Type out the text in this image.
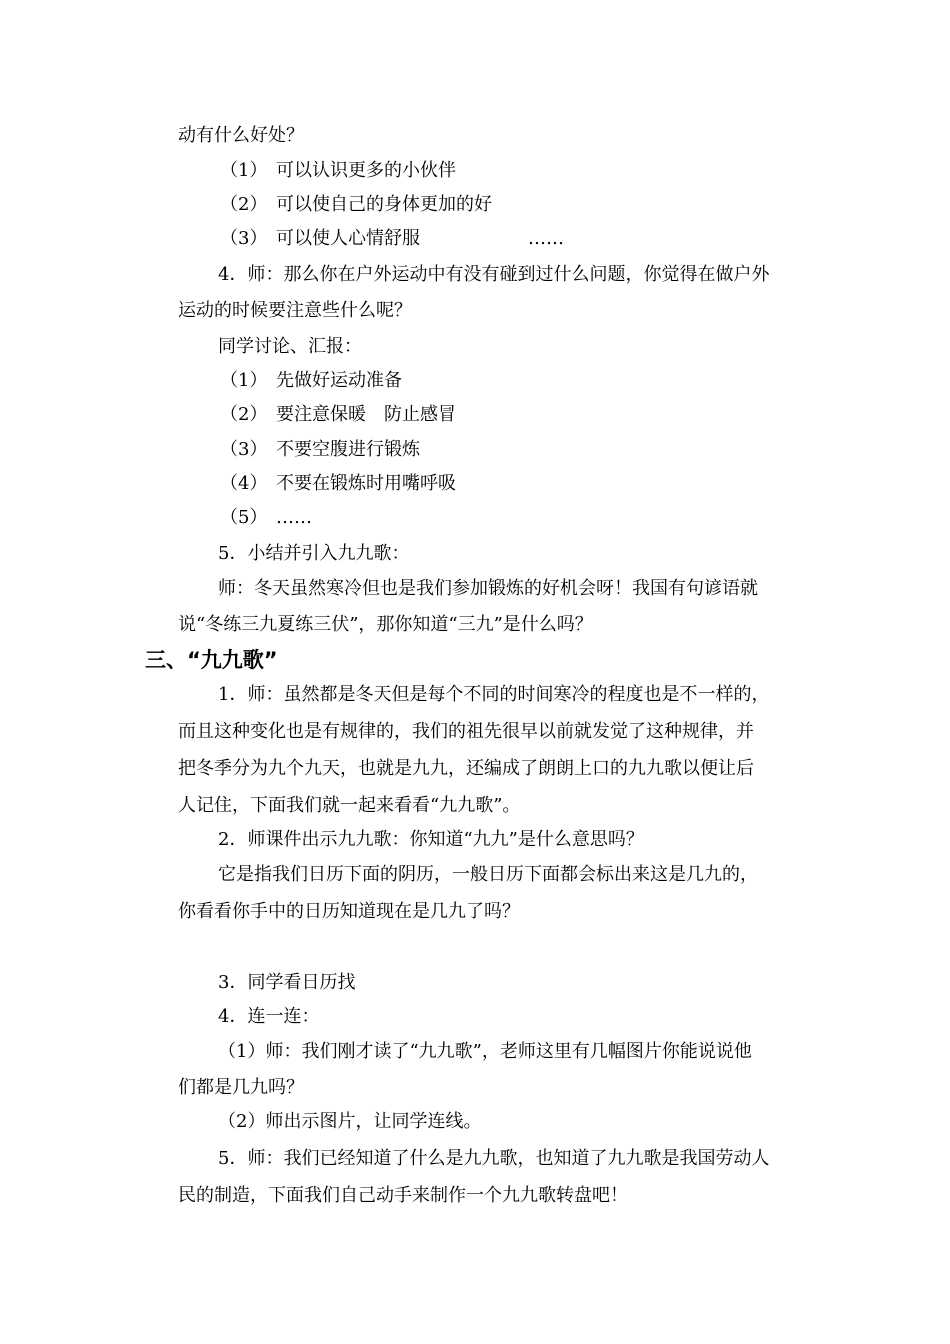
动有什么好处？
（1） 可以认识更多的小伙伴
（2） 可以使自己的身体更加的好
（3） 可以使人心情舒服	……
4．师：那么你在户外运动中有没有碰到过什么问题，你觉得在做户外
运动的时候要注意些什么呢？
同学讨论、汇报：
（1） 先做好运动准备
（2） 要注意保暖　防止感冒
（3） 不要空腹进行锻炼
（4） 不要在锻炼时用嘴呼吸
（5） ……
5．小结并引入九九歌：
师：冬天虽然寒冷但也是我们参加锻炼的好机会呀！我国有句谚语就
说“冬练三九夏练三伏”，那你知道“三九”是什么吗？
三、“九九歌”
1．师：虽然都是冬天但是每个不同的时间寒冷的程度也是不一样的，
而且这种变化也是有规律的，我们的祖先很早以前就发觉了这种规律，并
把冬季分为九个九天，也就是九九，还编成了朗朗上口的九九歌以便让后
人记住，下面我们就一起来看看“九九歌”。
2．师课件出示九九歌：你知道“九九”是什么意思吗？
它是指我们日历下面的阴历，一般日历下面都会标出来这是几九的，
你看看你手中的日历知道现在是几九了吗？
3．同学看日历找
4．连一连：
（1）师：我们刚才读了“九九歌”，老师这里有几幅图片你能说说他
们都是几九吗？
（2）师出示图片，让同学连线。
5．师：我们已经知道了什么是九九歌，也知道了九九歌是我国劳动人
民的制造，下面我们自己动手来制作一个九九歌转盘吧！
